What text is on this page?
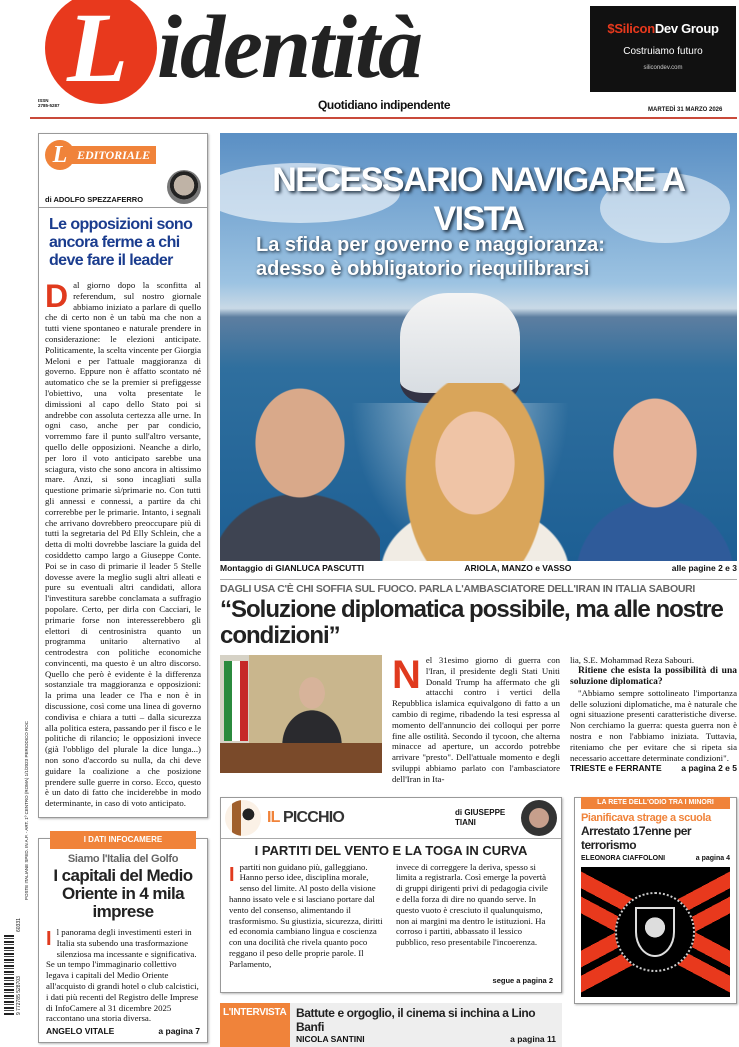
L identità
ISSN
2785-5287	Quotidiano indipendente	MARTEDÌ 31 MARZO 2026
$SiliconDev Group
Costruiamo futuro
silicondev.com
POSTE ITALIANE SPED. IN A.P. - ART. 1º CENTRO (ROMA) 1/1/2023 PERIODICO ROC
9 772785 528703
60331
L EDITORIALE
di ADOLFO SPEZZAFERRO
Le opposizioni sono ancora ferme a chi deve fare il leader
Dal giorno dopo la sconfitta al referendum, sul nostro giornale abbiamo iniziato a parlare di quello che di certo non è un tabù ma che non a tutti viene spontaneo e naturale prendere in considerazione: le elezioni anticipate. Politicamente, la scelta vincente per Giorgia Meloni e per l'attuale maggioranza di governo. Eppure non è affatto scontato né automatico che se la premier si prefiggesse l'obiettivo, una volta presentate le dimissioni al capo dello Stato poi si andrebbe con assoluta certezza alle urne. In ogni caso, anche per par condicio, vorremmo fare il punto sull'altro versante, quello delle opposizioni. Neanche a dirlo, per loro il voto anticipato sarebbe una sciagura, visto che sono ancora in altissimo mare. Anzi, si sono incagliati sulla questione primarie sì/primarie no. Con tutti gli annessi e connessi, a partire da chi correrebbe per le primarie. Intanto, i segnali che arrivano dovrebbero preoccupare più di tutti la segretaria del Pd Elly Schlein, che a detta di molti dovrebbe lasciare la guida del cosiddetto campo largo a Giuseppe Conte. Poi se in caso di primarie il leader 5 Stelle dovesse avere la meglio sugli altri alleati e pure su eventuali altri candidati, allora l'investitura sarebbe conclamata a suffragio popolare. Certo, per dirla con Cacciari, le primarie forse non interesserebbero gli elettori di centrosinistra quanto un programma unitario alternativo al centrodestra con politiche economiche convincenti, ma questo è un altro discorso. Quello che però è evidente è la differenza sostanziale tra maggioranza e opposizioni: la prima una leader ce l'ha e non è in discussione, così come una linea di governo condivisa e chiara a tutti – dalla sicurezza alla politica estera, passando per il fisco e le politiche di rilancio; le opposizioni invece (già l'obbligo del plurale la dice lunga...) non sono d'accordo su nulla, da chi deve guidare la coalizione a che posizione prendere sulle guerre in corso. Ecco, questo è un dato di fatto che inciderebbe in modo determinante, in caso di voto anticipato.
I DATI INFOCAMERE
Siamo l'Italia del Golfo
I capitali del Medio Oriente in 4 mila imprese
Il panorama degli investimenti esteri in Italia sta subendo una trasformazione silenziosa ma incessante e significativa. Se un tempo l'immaginario collettivo legava i capitali del Medio Oriente all'acquisto di grandi hotel o club calcistici, i dati più recenti del Registro delle Imprese di InfoCamere al 31 dicembre 2025 raccontano una storia diversa.
ANGELO VITALE	a pagina 7
NECESSARIO NAVIGARE A VISTA
La sfida per governo e maggioranza:
adesso è obbligatorio riequilibrarsi
Montaggio di GIANLUCA PASCUTTI	ARIOLA, MANZO e VASSO	alle pagine 2 e 3
DAGLI USA C'È CHI SOFFIA SUL FUOCO. PARLA L'AMBASCIATORE DELL'IRAN IN ITALIA SABOURI
“Soluzione diplomatica possibile, ma alle nostre condizioni”
Nel 31esimo giorno di guerra con l'Iran, il presidente degli Stati Uniti Donald Trump ha affermato che gli attacchi contro i vertici della Repubblica islamica equivalgono di fatto a un cambio di regime, ribadendo la tesi espressa al momento dell'annuncio dei colloqui per porre fine alle ostilità. Secondo il tycoon, che alterna minacce ad aperture, un accordo potrebbe arrivare "presto". Dell'attuale momento e degli sviluppi abbiamo parlato con l'ambasciatore dell'Iran in Ita-
lia, S.E. Mohammad Reza Sabouri.
Ritiene che esista la possibilità di una soluzione diplomatica?
"Abbiamo sempre sottolineato l'importanza delle soluzioni diplomatiche, ma è naturale che ogni situazione presenti caratteristiche diverse. Non cerchiamo la guerra: questa guerra non è nostra e non l'abbiamo iniziata. Tuttavia, riteniamo che per evitare che si ripeta sia necessario accettare determinate condizioni".
TRIESTE e FERRANTE a pagina 2 e 5
IL PICCHIO	di GIUSEPPE TIANI
I PARTITI DEL VENTO E LA TOGA IN CURVA
Ipartiti non guidano più, galleggiano. Hanno perso idee, disciplina morale, senso del limite. Al posto della visione hanno issato vele e si lasciano portare dal vento del consenso, alimentando il trasformismo. Su giustizia, sicurezza, diritti ed economia cambiano lingua e coscienza con una docilità che rivela quanto poco reggano il peso delle proprie parole. Il Parlamento,
invece di correggere la deriva, spesso si limita a registrarla. Così emerge la povertà di gruppi dirigenti privi di pedagogia civile e della forza di dire no quando serve. In questo vuoto è cresciuto il qualunquismo, non ai margini ma dentro le istituzioni. Ha corroso i partiti, abbassato il lessico pubblico, reso presentabile l'incoerenza.
segue a pagina 2
L'INTERVISTA Battute e orgoglio, il cinema si inchina a Lino Banfi
NICOLA SANTINI	a pagina 11
LA RETE DELL'ODIO TRA I MINORI
Pianificava strage a scuola
Arrestato 17enne per terrorismo
ELEONORA CIAFFOLONI	a pagina 4
